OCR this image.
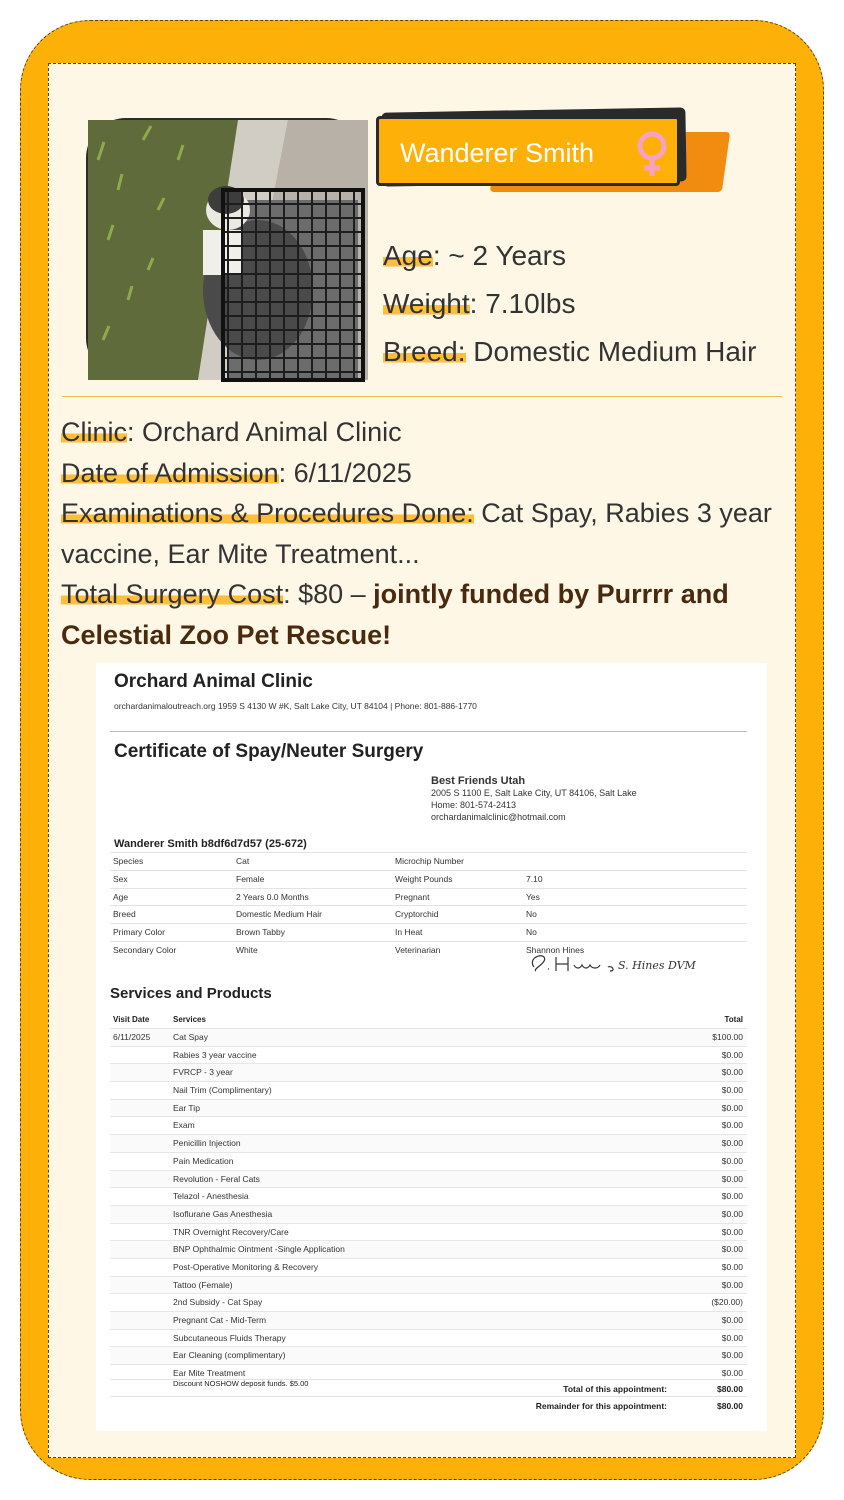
Wanderer Smith
Age: ~ 2 Years
Weight: 7.10lbs
Breed: Domestic Medium Hair
Clinic: Orchard Animal Clinic
Date of Admission: 6/11/2025
Examinations & Procedures Done: Cat Spay, Rabies 3 year vaccine, Ear Mite Treatment...
Total Surgery Cost: $80 – jointly funded by Purrrr and Celestial Zoo Pet Rescue!
Orchard Animal Clinic
orchardanimaloutreach.org 1959 S 4130 W #K, Salt Lake City, UT 84104 | Phone: 801-886-1770
Certificate of Spay/Neuter Surgery
Best Friends Utah
2005 S 1100 E, Salt Lake City, UT 84106, Salt Lake
Home: 801-574-2413
orchardanimalclinic@hotmail.com
Wanderer Smith b8df6d7d57 (25-672)
Species	Cat	Microchip Number
Sex	Female	Weight Pounds	7.10
Age	2 Years 0.0 Months	Pregnant	Yes
Breed	Domestic Medium Hair	Cryptorchid	No
Primary Color	Brown Tabby	In Heat	No
Secondary Color	White	Veterinarian	Shannon Hines
S. Hines DVM
Services and Products
Visit Date	Services	Total
6/11/2025	Cat Spay	$100.00
Rabies 3 year vaccine	$0.00
FVRCP - 3 year	$0.00
Nail Trim (Complimentary)	$0.00
Ear Tip	$0.00
Exam	$0.00
Penicillin Injection	$0.00
Pain Medication	$0.00
Revolution - Feral Cats	$0.00
Telazol - Anesthesia	$0.00
Isoflurane Gas Anesthesia	$0.00
TNR Overnight Recovery/Care	$0.00
BNP Ophthalmic Ointment -Single Application	$0.00
Post-Operative Monitoring & Recovery	$0.00
Tattoo (Female)	$0.00
2nd Subsidy - Cat Spay	($20.00)
Pregnant Cat - Mid-Term	$0.00
Subcutaneous Fluids Therapy	$0.00
Ear Cleaning (complimentary)	$0.00
Ear Mite Treatment	$0.00
Discount NOSHOW deposit funds. $5.00
Total of this appointment:	$80.00
Remainder for this appointment:	$80.00
